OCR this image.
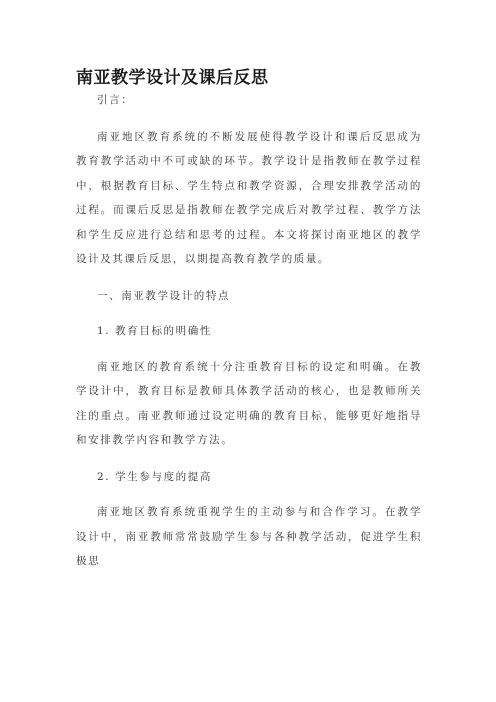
南亚教学设计及课后反思

引言：

南亚地区教育系统的不断发展使得教学设计和课后反思成为教育教学活动中不可或缺的环节。教学设计是指教师在教学过程中，根据教育目标、学生特点和教学资源，合理安排教学活动的过程。而课后反思是指教师在教学完成后对教学过程、教学方法和学生反应进行总结和思考的过程。本文将探讨南亚地区的教学设计及其课后反思，以期提高教育教学的质量。

一、南亚教学设计的特点

1. 教育目标的明确性

南亚地区的教育系统十分注重教育目标的设定和明确。在教学设计中，教育目标是教师具体教学活动的核心，也是教师所关注的重点。南亚教师通过设定明确的教育目标，能够更好地指导和安排教学内容和教学方法。

2. 学生参与度的提高

南亚地区教育系统重视学生的主动参与和合作学习。在教学设计中，南亚教师常常鼓励学生参与各种教学活动，促进学生积极思
